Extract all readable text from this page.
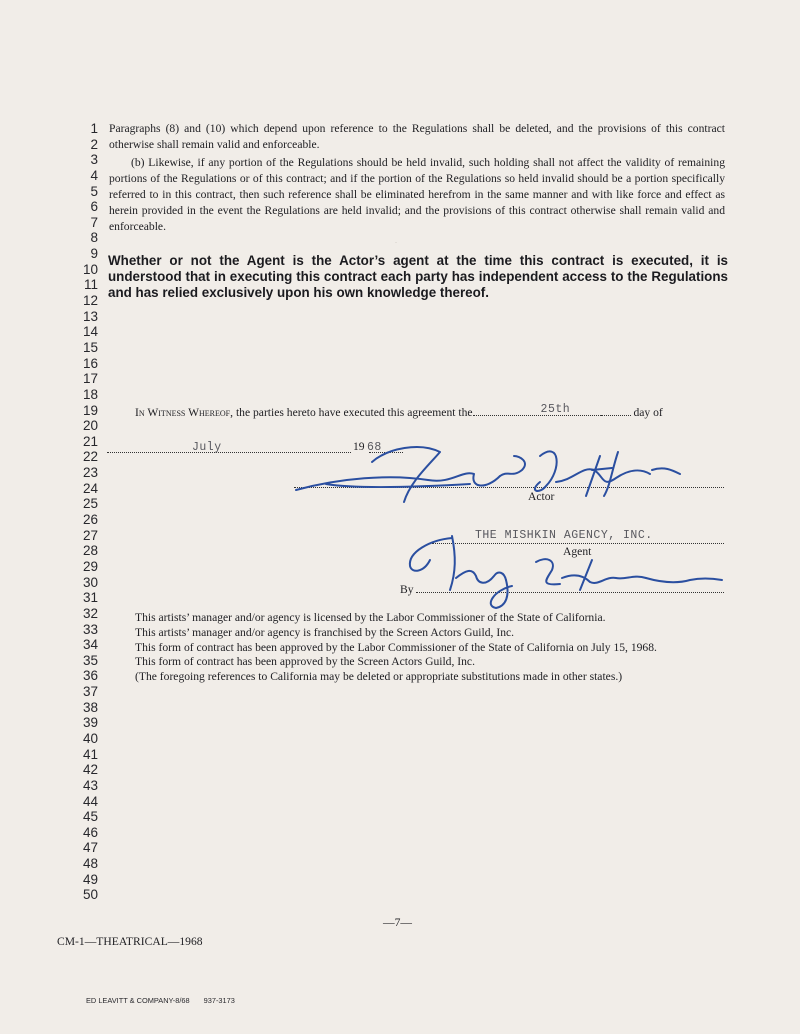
1
2
3
4
5
6
7
8
9
10
11
12
13
14
15
16
17
18
19
20
21
22
23
24
25
26
27
28
29
30
31
32
33
34
35
36
37
38
39
40
41
42
43
44
45
46
47
48
49
50
Paragraphs (8) and (10) which depend upon reference to the Regulations shall be deleted, and the provisions of this contract otherwise shall remain valid and enforceable.
(b) Likewise, if any portion of the Regulations should be held invalid, such holding shall not affect the validity of remaining portions of the Regulations or of this contract; and if the portion of the Regulations so held invalid should be a portion specifically referred to in this contract, then such reference shall be eliminated herefrom in the same manner and with like force and effect as herein provided in the event the Regulations are held invalid; and the provisions of this contract otherwise shall remain valid and enforceable.
Whether or not the Agent is the Actor’s agent at the time this contract is executed, it is understood that in executing this contract each party has independent access to the Regulations and has relied exclusively upon his own knowledge thereof.
In Witness Whereof, the parties hereto have executed this agreement the	25th	day of
July	19 68
Actor
THE MISHKIN AGENCY, INC.
Agent
By
.
This artists’ manager and/or agency is licensed by the Labor Commissioner of the State of California.
This artists’ manager and/or agency is franchised by the Screen Actors Guild, Inc.
This form of contract has been approved by the Labor Commissioner of the State of California on July 15, 1968.
This form of contract has been approved by the Screen Actors Guild, Inc.
(The foregoing references to California may be deleted or appropriate substitutions made in other states.)
—7—
CM-1—THEATRICAL—1968
ED LEAVITT & COMPANY-8/68 937-3173
